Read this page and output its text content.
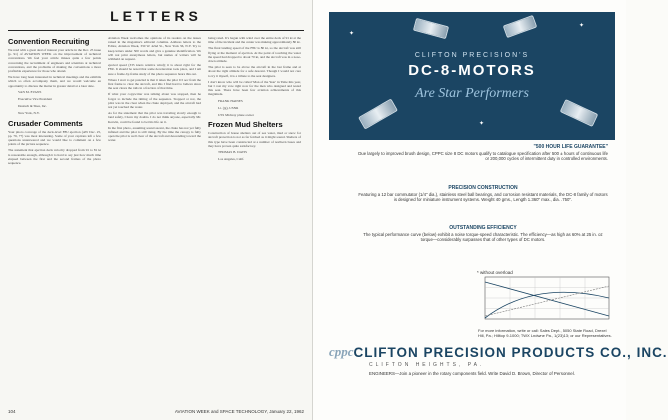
LETTERS
Convention Recruiting

We read with a great deal of interest your article in the Dec. 25 issue (p. 91) of AVIATION WEEK on the improvement of technical conventions. We feel your article misses quite a few points concerning the recruitment of engineers and scientists at technical conventions, and the problems of making the conventions a more profitable experience for those who attend.

We have long been interested in technical meetings and the exhibits which so often accompany them, and we would welcome an opportunity to discuss the matter in greater detail at a later date.

VAN M. EVANS
Executive Vice President
Deutsch & Shea, Inc.
New York, N.Y.
Crusader Comments

Your photo coverage of the deck-level F8U ejection (AW Dec. 25, pp. 76, 77) was most interesting. Some of your captions left a few questions unanswered and we would like to comment on a few points of the picture sequence.

The statement that ejection deck velocity dropped from 91 to 81 kt is reasonable enough, although it is hard to say just how much time elapsed between the first and the second frames of the photo sequence.

Aviation Week welcomes the opinions of its readers on the issues raised in the magazine's editorial columns. Address letters to the Editor, Aviation Week, 330 W. 42nd St., New York 36, N.Y. Try to keep letters under 500 words and give a genuine identification. We will not print anonymous letters, but names of writers will be withheld on request.

ejected speed (335 knots relative wind); it is about right for the F8U. It should be noted that some deceleration took place, and I am sure a frame-by-frame study of the photo sequence bears this out.

Where I start to get puzzled is that it takes the pilot 0.5 sec from the first frame to clear the aircraft, and this I find hard to believe since the seat clears the rails in a fraction of that time.

If what your copywriter was talking about was stopped, then he forgot to include the timing of the sequence. Stopped or not, the pilot was in the clear when the chute deployed, and the aircraft had not yet touched the water.

As for the statement that the pilot was traveling slowly enough to land safely, I have my doubts. I do not think anyone, especially Mr. Kerwin, could be found to bet his life on it.

In the first photo, assuming sound ascent, the chute has not yet fully inflated and the pilot is still rising. By the time the canopy is fully open the pilot is well clear of the aircraft and descending toward the water.

being rated. It's begun with wind over the entire deck of 91 kt at the time of the incident and the center was making approximately 80 kt.

The final landing speed of the F8U is 80 kt, so the aircraft was still flying at the moment of ejection. At the point of touching the water the speed had dropped to about 70 kt, and the aircraft was in a nose-down attitude.

The pilot is seen to be above the aircraft in the last frame and at about the right altitude for a safe descent. Though I would not care to try it myself, it is a tribute to the seat designers.

I don't know who will be called 'Man of the Year' in Time this year, but I cast my vote right now for the men who designed and tested this seat. There have been few aviation achievements of this magnitude.

FRANK HAINES
Lt. (jg), USNR
USS Midway plane owner
Frozen Mud Shelters

Construction of house shelters out of sea water, mud or snow for aircraft protection is not as far fetched as it might sound. Shelters of this type have been constructed at a number of northern bases and they have proven quite satisfactory.

THOMAS B. DAVIS
Los Angeles, Calif.
104	AVIATION WEEK and SPACE TECHNOLOGY, January 22, 1962
✦
✦
✦
CLIFTON PRECISION'S
DC-8-MOTORS
Are Star Performers
"500 HOUR LIFE GUARANTEE"
Due largely to improved brush design, CPPC size 8 DC motors qualify to catalogue specification after 500 ± hours of continuous life or 200,000 cycles of intermittent duty in controlled environments.
PRECISION CONSTRUCTION
Featuring a 12 bar commutator (1/4" dia.), stainless steel ball bearings, and corrosion resistant materials, the DC-8 family of motors is designed for miniature instrument systems. Weight 40 gms., Length 1.360" max., dia. .750".
OUTSTANDING EFFICIENCY
The typical performance curve (below) exhibit a noise torque-speed characteristic. The efficiency—as high as 60% at 25 in. oz torque—considerably surpasses that of other types of DC motors.
* without overload
For more information, write or call: Sales Dept., 5050 State Road, Drexel Hill, Pa.; Hilltop 9-1000; TWX Lndwne Pa., 1(23)13; or our Representatives.
cppc CLIFTON PRECISION PRODUCTS CO., INC.
CLIFTON HEIGHTS, PA.
ENGINEERS—Join a pioneer in the rotary components field. Write David D. Brown, Director of Personnel.
